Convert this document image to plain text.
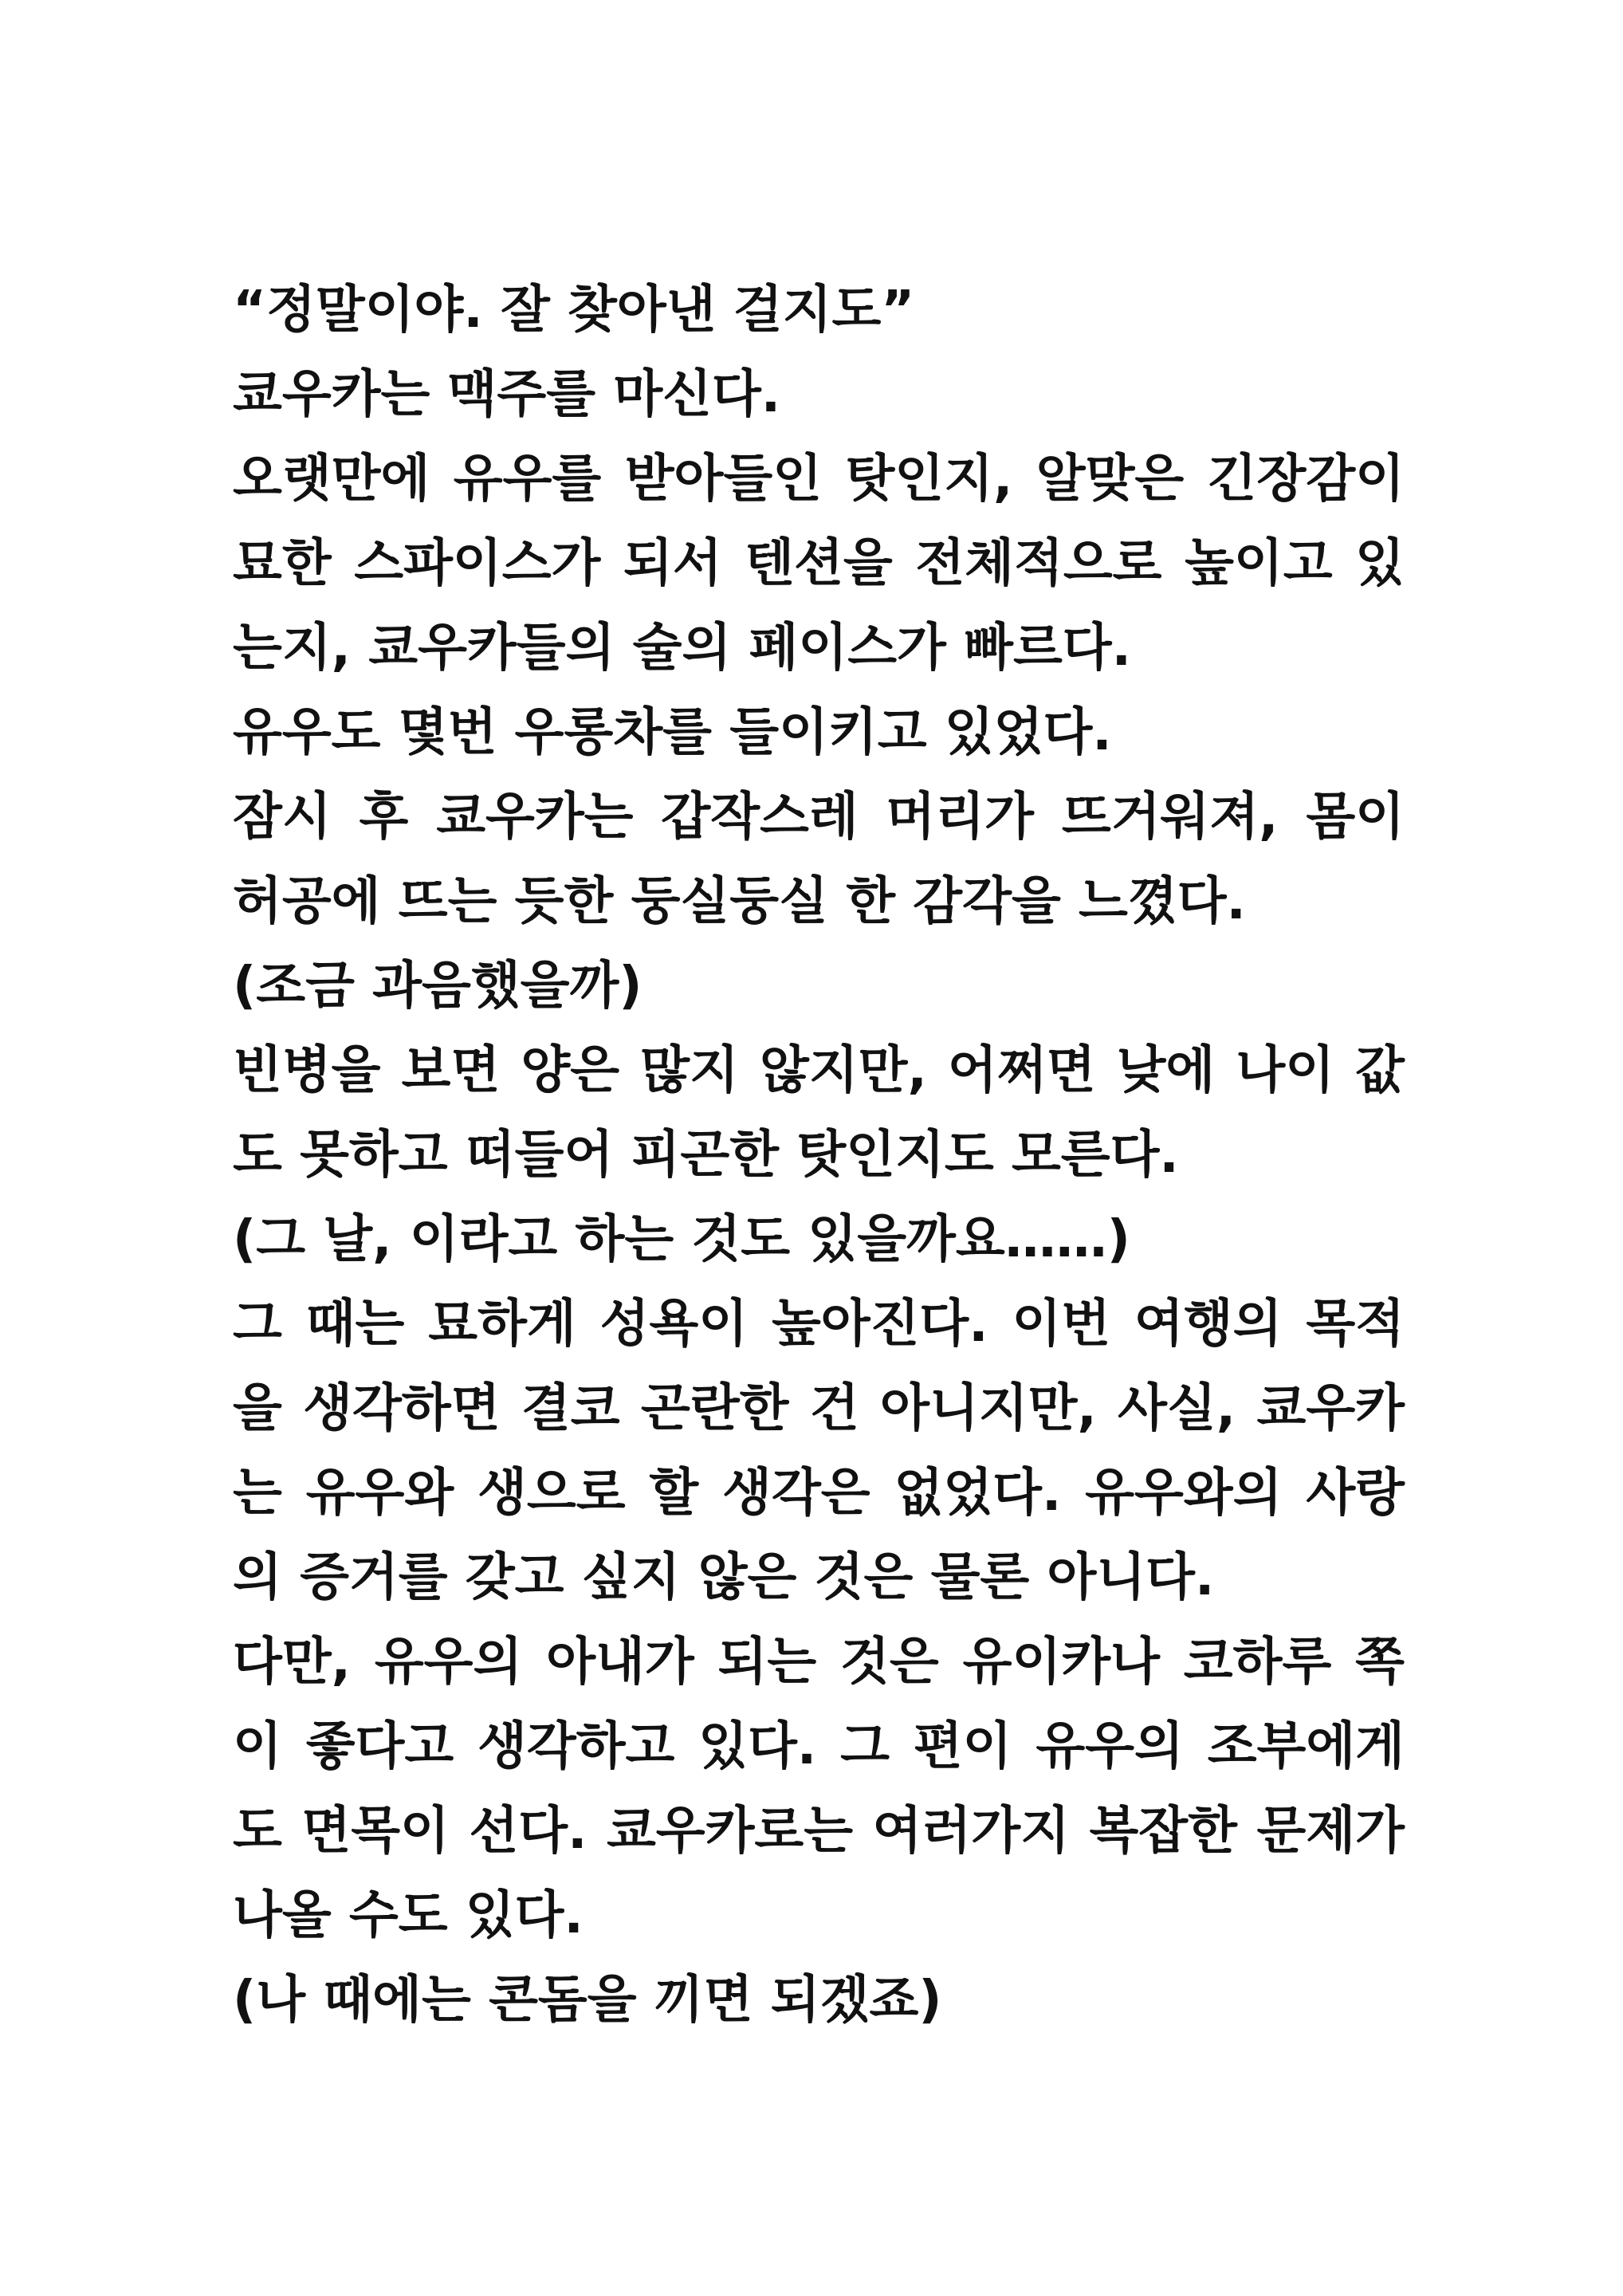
“정말이야. 잘 찾아낸 걸지도”
쿄우카는 맥주를 마신다.
오랫만에 유우를 받아들인 탓인지, 알맞은 긴장감이
묘한 스파이스가 되서 텐션을 전체적으로 높이고 있
는지, 쿄우카들의 술의 페이스가 빠르다.
유우도 몇번 우롱차를 들이키고 있었다.
잠시 후 쿄우카는 갑작스레 머리가 뜨거워져, 몸이
허공에 뜨는 듯한 둥실둥실 한 감각을 느꼈다.
(조금 과음했을까)
빈병을 보면 양은 많지 않지만, 어쩌면 낮에 나이 값
도 못하고 떠들어 피곤한 탓인지도 모른다.
(그 날, 이라고 하는 것도 있을까요……)
그 때는 묘하게 성욕이 높아진다. 이번 여행의 목적
을 생각하면 결코 곤란한 건 아니지만, 사실, 쿄우카
는 유우와 생으로 할 생각은 없었다. 유우와의 사랑
의 증거를 갖고 싶지 않은 것은 물론 아니다.
다만, 유우의 아내가 되는 것은 유이카나 코하루 쪽
이 좋다고 생각하고 있다. 그 편이 유우의 조부에게
도 면목이 선다. 쿄우카로는 여러가지 복잡한 문제가
나올 수도 있다.
(나 때에는 콘돔을 끼면 되겠죠)
